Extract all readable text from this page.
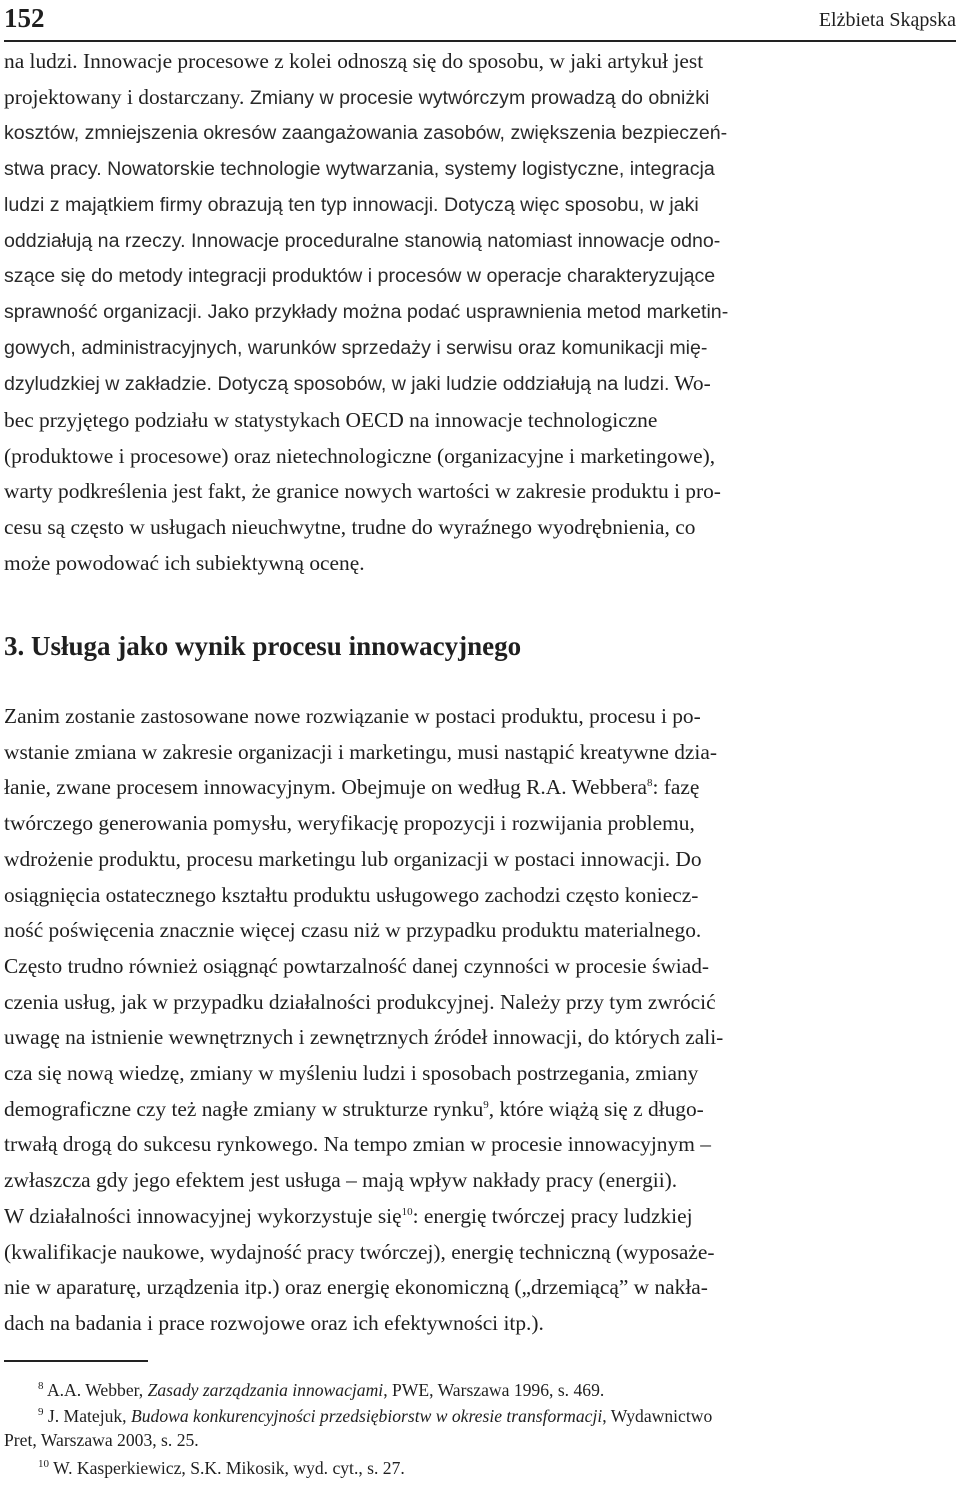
152	Elżbieta Skąpska
na ludzi. Innowacje procesowe z kolei odnoszą się do sposobu, w jaki artykuł jest
projektowany i dostarczany. Zmiany w procesie wytwórczym prowadzą do obniżki
kosztów, zmniejszenia okresów zaangażowania zasobów, zwiększenia bezpieczeń-
stwa pracy. Nowatorskie technologie wytwarzania, systemy logistyczne, integracja
ludzi z majątkiem firmy obrazują ten typ innowacji. Dotyczą więc sposobu, w jaki
oddziałują na rzeczy. Innowacje proceduralne stanowią natomiast innowacje odno-
szące się do metody integracji produktów i procesów w operacje charakteryzujące
sprawność organizacji. Jako przykłady można podać usprawnienia metod marketin-
gowych, administracyjnych, warunków sprzedaży i serwisu oraz komunikacji mię-
dzyludzkiej w zakładzie. Dotyczą sposobów, w jaki ludzie oddziałują na ludzi. Wo-
bec przyjętego podziału w statystykach OECD na innowacje technologiczne
(produktowe i procesowe) oraz nietechnologiczne (organizacyjne i marketingowe),
warty podkreślenia jest fakt, że granice nowych wartości w zakresie produktu i pro-
cesu są często w usługach nieuchwytne, trudne do wyraźnego wyodrębnienia, co
może powodować ich subiektywną ocenę.
3. Usługa jako wynik procesu innowacyjnego
Zanim zostanie zastosowane nowe rozwiązanie w postaci produktu, procesu i po-
wstanie zmiana w zakresie organizacji i marketingu, musi nastąpić kreatywne dzia-
łanie, zwane procesem innowacyjnym. Obejmuje on według R.A. Webbera$^8$: fazę
twórczego generowania pomysłu, weryfikację propozycji i rozwijania problemu,
wdrożenie produktu, procesu marketingu lub organizacji w postaci innowacji. Do
osiągnięcia ostatecznego kształtu produktu usługowego zachodzi często koniecz-
ność poświęcenia znacznie więcej czasu niż w przypadku produktu materialnego.
Często trudno również osiągnąć powtarzalność danej czynności w procesie świad-
czenia usług, jak w przypadku działalności produkcyjnej. Należy przy tym zwrócić
uwagę na istnienie wewnętrznych i zewnętrznych źródeł innowacji, do których zali-
cza się nową wiedzę, zmiany w myśleniu ludzi i sposobach postrzegania, zmiany
demograficzne czy też nagłe zmiany w strukturze rynku$^9$, które wiążą się z długo-
trwałą drogą do sukcesu rynkowego. Na tempo zmian w procesie innowacyjnym –
zwłaszcza gdy jego efektem jest usługa – mają wpływ nakłady pracy (energii).
W działalności innowacyjnej wykorzystuje się$^{10}$: energię twórczej pracy ludzkiej
(kwalifikacje naukowe, wydajność pracy twórczej), energię techniczną (wyposaże-
nie w aparaturę, urządzenia itp.) oraz energię ekonomiczną („drzemiącą” w nakła-
dach na badania i prace rozwojowe oraz ich efektywności itp.).
$^8$ A.A. Webber, Zasady zarządzania innowacjami, PWE, Warszawa 1996, s. 469.
$^9$ J. Matejuk, Budowa konkurencyjności przedsiębiorstw w okresie transformacji, Wydawnictwo
Pret, Warszawa 2003, s. 25.
$^{10}$ W. Kasperkiewicz, S.K. Mikosik, wyd. cyt., s. 27.
